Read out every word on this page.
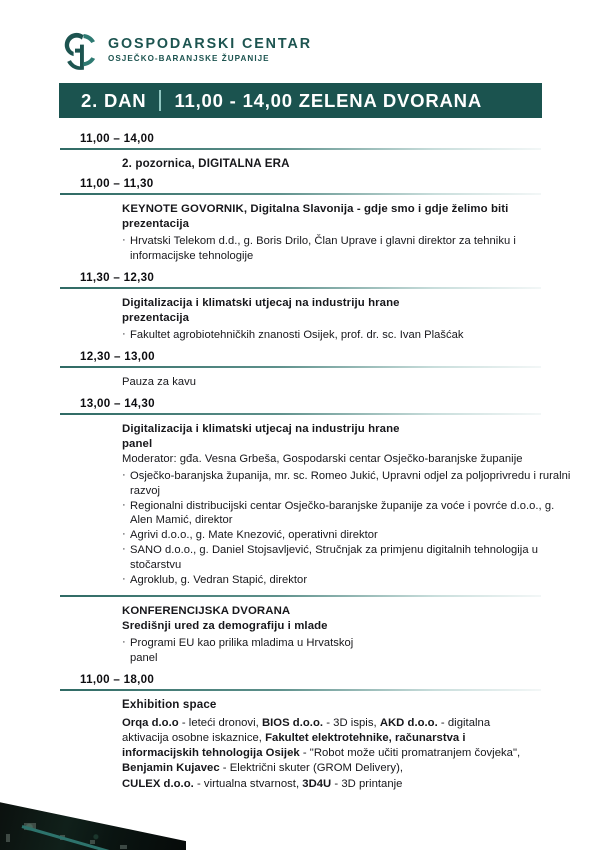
GOSPODARSKI CENTAR
OSJEČKO-BARANJSKE ŽUPANIJE
2. DAN 11,00 - 14,00 ZELENA DVORANA
11,00 – 14,00
2. pozornica, DIGITALNA ERA
11,00 – 11,30
KEYNOTE GOVORNIK, Digitalna Slavonija - gdje smo i gdje želimo biti
prezentacija
· Hrvatski Telekom d.d., g. Boris Drilo, Član Uprave i glavni direktor za tehniku i informacijske tehnologije
11,30 – 12,30
Digitalizacija i klimatski utjecaj na industriju hrane
prezentacija
· Fakultet agrobiotehničkih znanosti Osijek, prof. dr. sc. Ivan Plašćak
12,30 – 13,00
Pauza za kavu
13,00 – 14,30
Digitalizacija i klimatski utjecaj na industriju hrane
panel
Moderator: gđa. Vesna Grbeša, Gospodarski centar Osječko-baranjske županije
· Osječko-baranjska županija, mr. sc. Romeo Jukić, Upravni odjel za poljoprivredu i ruralni razvoj
· Regionalni distribucijski centar Osječko-baranjske županije za voće i povrće d.o.o., g. Alen Mamić, direktor
· Agrivi d.o.o., g. Mate Knezović, operativni direktor
· SANO d.o.o., g. Daniel Stojsavljević, Stručnjak za primjenu digitalnih tehnologija u stočarstvu
· Agroklub, g. Vedran Stapić, direktor
KONFERENCIJSKA DVORANA
Središnji ured za demografiju i mlade
· Programi EU kao prilika mladima u Hrvatskoj
panel
11,00 – 18,00
Exhibition space
Orqa d.o.o - leteći dronovi, BIOS d.o.o. - 3D ispis, AKD d.o.o. - digitalna
aktivacija osobne iskaznice, Fakultet elektrotehnike, računarstva i
informacijskih tehnologija Osijek - "Robot može učiti promatranjem čovjeka",
Benjamin Kujavec - Električni skuter (GROM Delivery),
CULEX d.o.o. - virtualna stvarnost, 3D4U - 3D printanje
